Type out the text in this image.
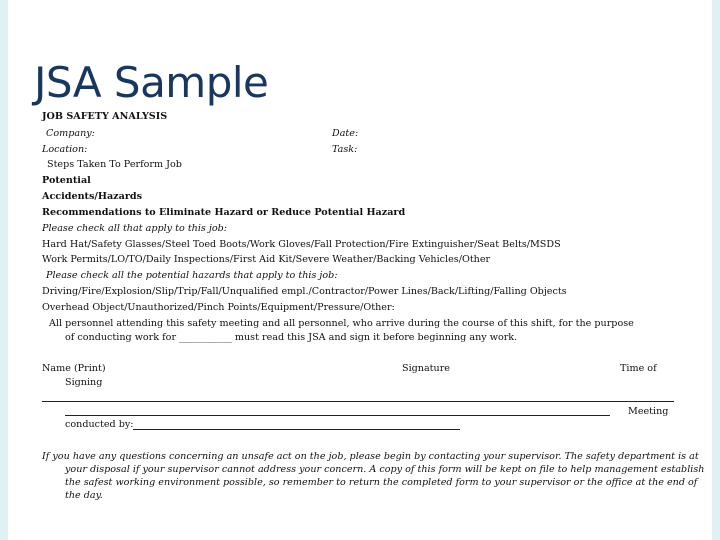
JSA Sample
JOB SAFETY ANALYSIS
Company:	Date:
Location:	Task:
Steps Taken To Perform Job
Potential
Accidents/Hazards
Recommendations to Eliminate Hazard or Reduce Potential Hazard
Please check all that apply to this job:
Hard Hat/Safety Glasses/Steel Toed Boots/Work Gloves/Fall Protection/Fire Extinguisher/Seat Belts/MSDS
Work Permits/LO/TO/Daily Inspections/First Aid Kit/Severe Weather/Backing Vehicles/Other
Please check all the potential hazards that apply to this job:
Driving/Fire/Explosion/Slip/Trip/Fall/Unqualified empl./Contractor/Power Lines/Back/Lifting/Falling Objects
Overhead Object/Unauthorized/Pinch Points/Equipment/Pressure/Other:
All personnel attending this safety meeting and all personnel, who arrive during the course of this shift, for the purpose
of conducting work for ___________ must read this JSA and sign it before beginning any work.
Name (Print)	Signature	Time of
Signing
Meeting
conducted by:
If you have any questions concerning an unsafe act on the job, please begin by contacting your supervisor. The safety department is at
your disposal if your supervisor cannot address your concern. A copy of this form will be kept on file to help management establish
the safest working environment possible, so remember to return the completed form to your supervisor or the office at the end of
the day.
